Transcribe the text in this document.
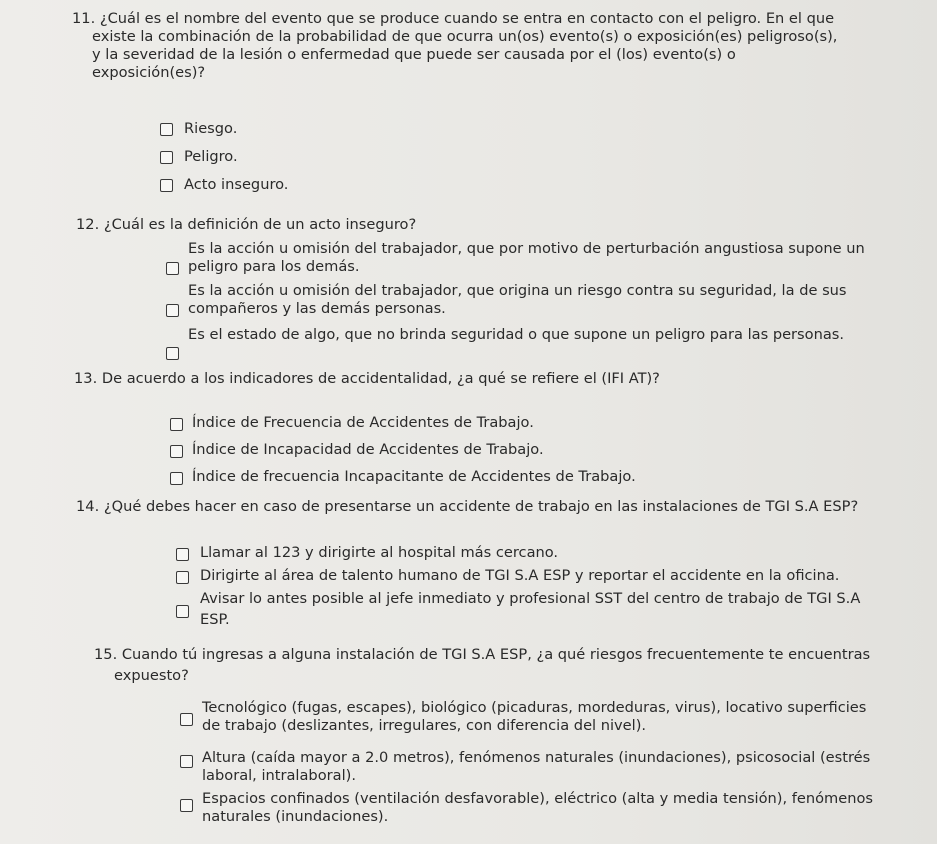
11. ¿Cuál es el nombre del evento que se produce cuando se entra en contacto con el peligro. En el que
existe la combinación de la probabilidad de que ocurra un(os) evento(s) o exposición(es) peligroso(s),
y la severidad de la lesión o enfermedad que puede ser causada por el (los) evento(s) o
exposición(es)?
Riesgo.
Peligro.
Acto inseguro.
12. ¿Cuál es la definición de un acto inseguro?
Es la acción u omisión del trabajador, que por motivo de perturbación angustiosa supone un
peligro para los demás.
Es la acción u omisión del trabajador, que origina un riesgo contra su seguridad, la de sus
compañeros y las demás personas.
Es el estado de algo, que no brinda seguridad o que supone un peligro para las personas.
13. De acuerdo a los indicadores de accidentalidad, ¿a qué se refiere el (IFI AT)?
Índice de Frecuencia de Accidentes de Trabajo.
Índice de Incapacidad de Accidentes de Trabajo.
Índice de frecuencia Incapacitante de Accidentes de Trabajo.
14. ¿Qué debes hacer en caso de presentarse un accidente de trabajo en las instalaciones de TGI S.A ESP?
Llamar al 123 y dirigirte al hospital más cercano.
Dirigirte al área de talento humano de TGI S.A ESP y reportar el accidente en la oficina.
Avisar lo antes posible al jefe inmediato y profesional SST del centro de trabajo de TGI S.A
ESP.
15. Cuando tú ingresas a alguna instalación de TGI S.A ESP, ¿a qué riesgos frecuentemente te encuentras
expuesto?
Tecnológico (fugas, escapes), biológico (picaduras, mordeduras, virus), locativo superficies
de trabajo (deslizantes, irregulares, con diferencia del nivel).
Altura (caída mayor a 2.0 metros), fenómenos naturales (inundaciones), psicosocial (estrés
laboral, intralaboral).
Espacios confinados (ventilación desfavorable), eléctrico (alta y media tensión), fenómenos
naturales (inundaciones).
